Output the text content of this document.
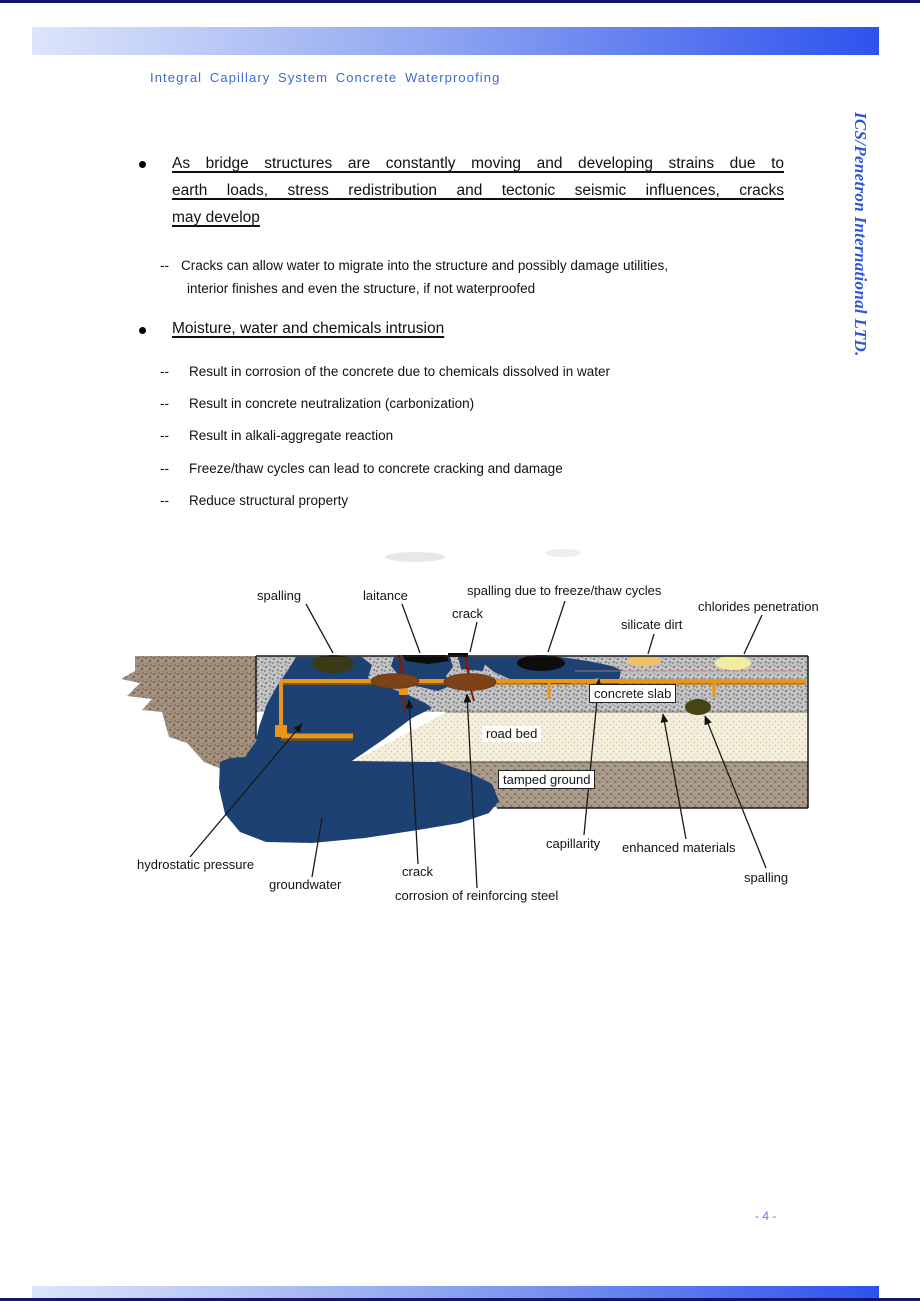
Integral Capillary System Concrete Waterproofing
ICS/Penetron International LTD.
As bridge structures are constantly moving and developing strains due to
earth loads, stress redistribution and tectonic seismic influences, cracks
may develop
-- Cracks can allow water to migrate into the structure and possibly damage utilities,
interior finishes and even the structure, if not waterproofed
Moisture, water and chemicals intrusion
-- Result in corrosion of the concrete due to chemicals dissolved in water
-- Result in concrete neutralization (carbonization)
-- Result in alkali-aggregate reaction
-- Freeze/thaw cycles can lead to concrete cracking and damage
-- Reduce structural property
spalling	laitance
crack
spalling due to freeze/thaw cycles
silicate dirt
chlorides penetration
concrete slab
road bed
tamped ground
capillarity enhanced materials
spalling
hydrostatic pressure
groundwater
crack
corrosion of reinforcing steel
- 4 -
